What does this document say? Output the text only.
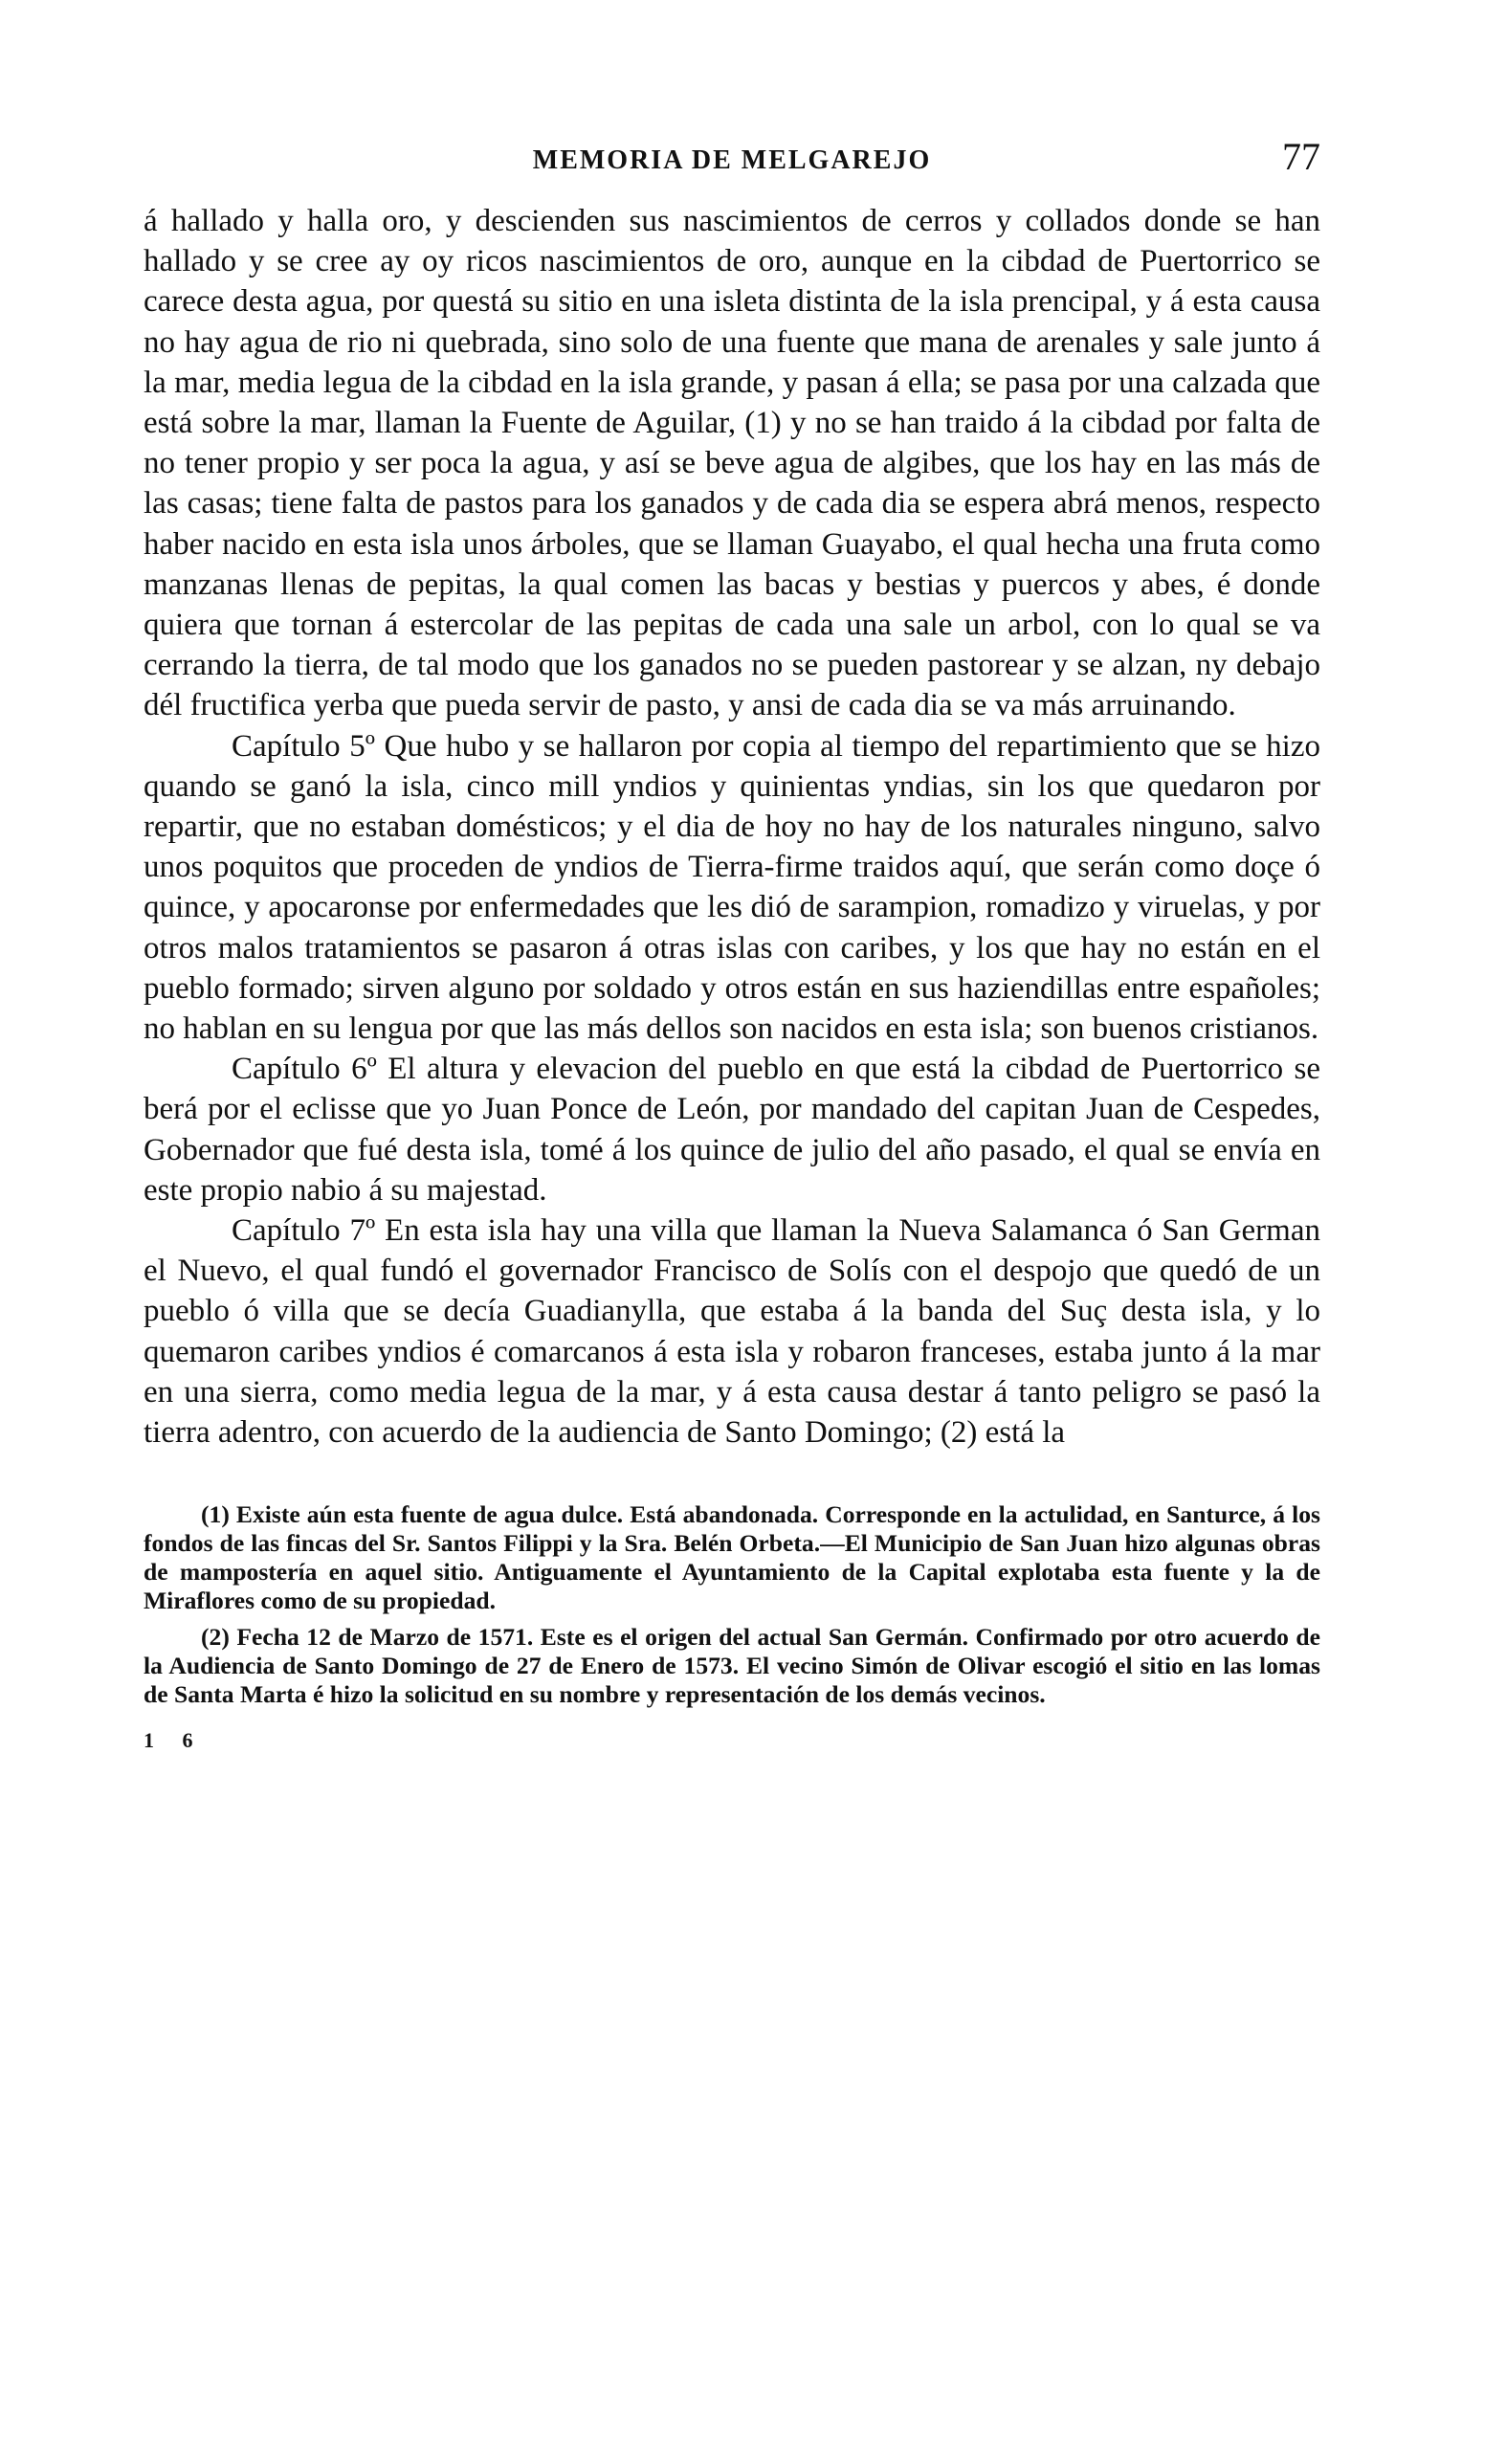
MEMORIA DE MELGAREJO	77

á hallado y halla oro, y descienden sus nascimientos de cerros y collados donde se han hallado y se cree ay oy ricos nascimientos de oro, aunque en la cibdad de Puertorrico se carece desta agua, por questá su sitio en una isleta distinta de la isla prencipal, y á esta causa no hay agua de rio ni quebrada, sino solo de una fuente que mana de arenales y sale junto á la mar, media legua de la cibdad en la isla grande, y pasan á ella; se pasa por una calzada que está sobre la mar, llaman la Fuente de Aguilar, (1) y no se han traido á la cibdad por falta de no tener propio y ser poca la agua, y así se beve agua de algibes, que los hay en las más de las casas; tiene falta de pastos para los ganados y de cada dia se espera abrá menos, respecto haber nacido en esta isla unos árboles, que se llaman Guayabo, el qual hecha una fruta como manzanas llenas de pepitas, la qual comen las bacas y bestias y puercos y abes, é donde quiera que tornan á estercolar de las pepitas de cada una sale un arbol, con lo qual se va cerrando la tierra, de tal modo que los ganados no se pueden pastorear y se alzan, ny debajo dél fructifica yerba que pueda servir de pasto, y ansi de cada dia se va más arruinando.

Capítulo 5º Que hubo y se hallaron por copia al tiempo del repartimiento que se hizo quando se ganó la isla, cinco mill yndios y quinientas yndias, sin los que quedaron por repartir, que no estaban domésticos; y el dia de hoy no hay de los naturales ninguno, salvo unos poquitos que proceden de yndios de Tierra-firme traidos aquí, que serán como doçe ó quince, y apocaronse por enfermedades que les dió de sarampion, romadizo y viruelas, y por otros malos tratamientos se pasaron á otras islas con caribes, y los que hay no están en el pueblo formado; sirven alguno por soldado y otros están en sus haziendillas entre españoles; no hablan en su lengua por que las más dellos son nacidos en esta isla; son buenos cristianos.

Capítulo 6º El altura y elevacion del pueblo en que está la cibdad de Puertorrico se berá por el eclisse que yo Juan Ponce de León, por mandado del capitan Juan de Cespedes, Gobernador que fué desta isla, tomé á los quince de julio del año pasado, el qual se envía en este propio nabio á su majestad.

Capítulo 7º En esta isla hay una villa que llaman la Nueva Salamanca ó San German el Nuevo, el qual fundó el governador Francisco de Solís con el despojo que quedó de un pueblo ó villa que se decía Guadianylla, que estaba á la banda del Suç desta isla, y lo quemaron caribes yndios é comarcanos á esta isla y robaron franceses, estaba junto á la mar en una sierra, como media legua de la mar, y á esta causa destar á tanto peligro se pasó la tierra adentro, con acuerdo de la audiencia de Santo Domingo; (2) está la

(1) Existe aún esta fuente de agua dulce. Está abandonada. Corresponde en la actulidad, en Santurce, á los fondos de las fincas del Sr. Santos Filippi y la Sra. Belén Orbeta.—El Municipio de San Juan hizo algunas obras de mampostería en aquel sitio. Antiguamente el Ayuntamiento de la Capital explotaba esta fuente y la de Miraflores como de su propiedad.

(2) Fecha 12 de Marzo de 1571. Este es el origen del actual San Germán. Confirmado por otro acuerdo de la Audiencia de Santo Domingo de 27 de Enero de 1573. El vecino Simón de Olivar escogió el sitio en las lomas de Santa Marta é hizo la solicitud en su nombre y representación de los demás vecinos.

1 6
